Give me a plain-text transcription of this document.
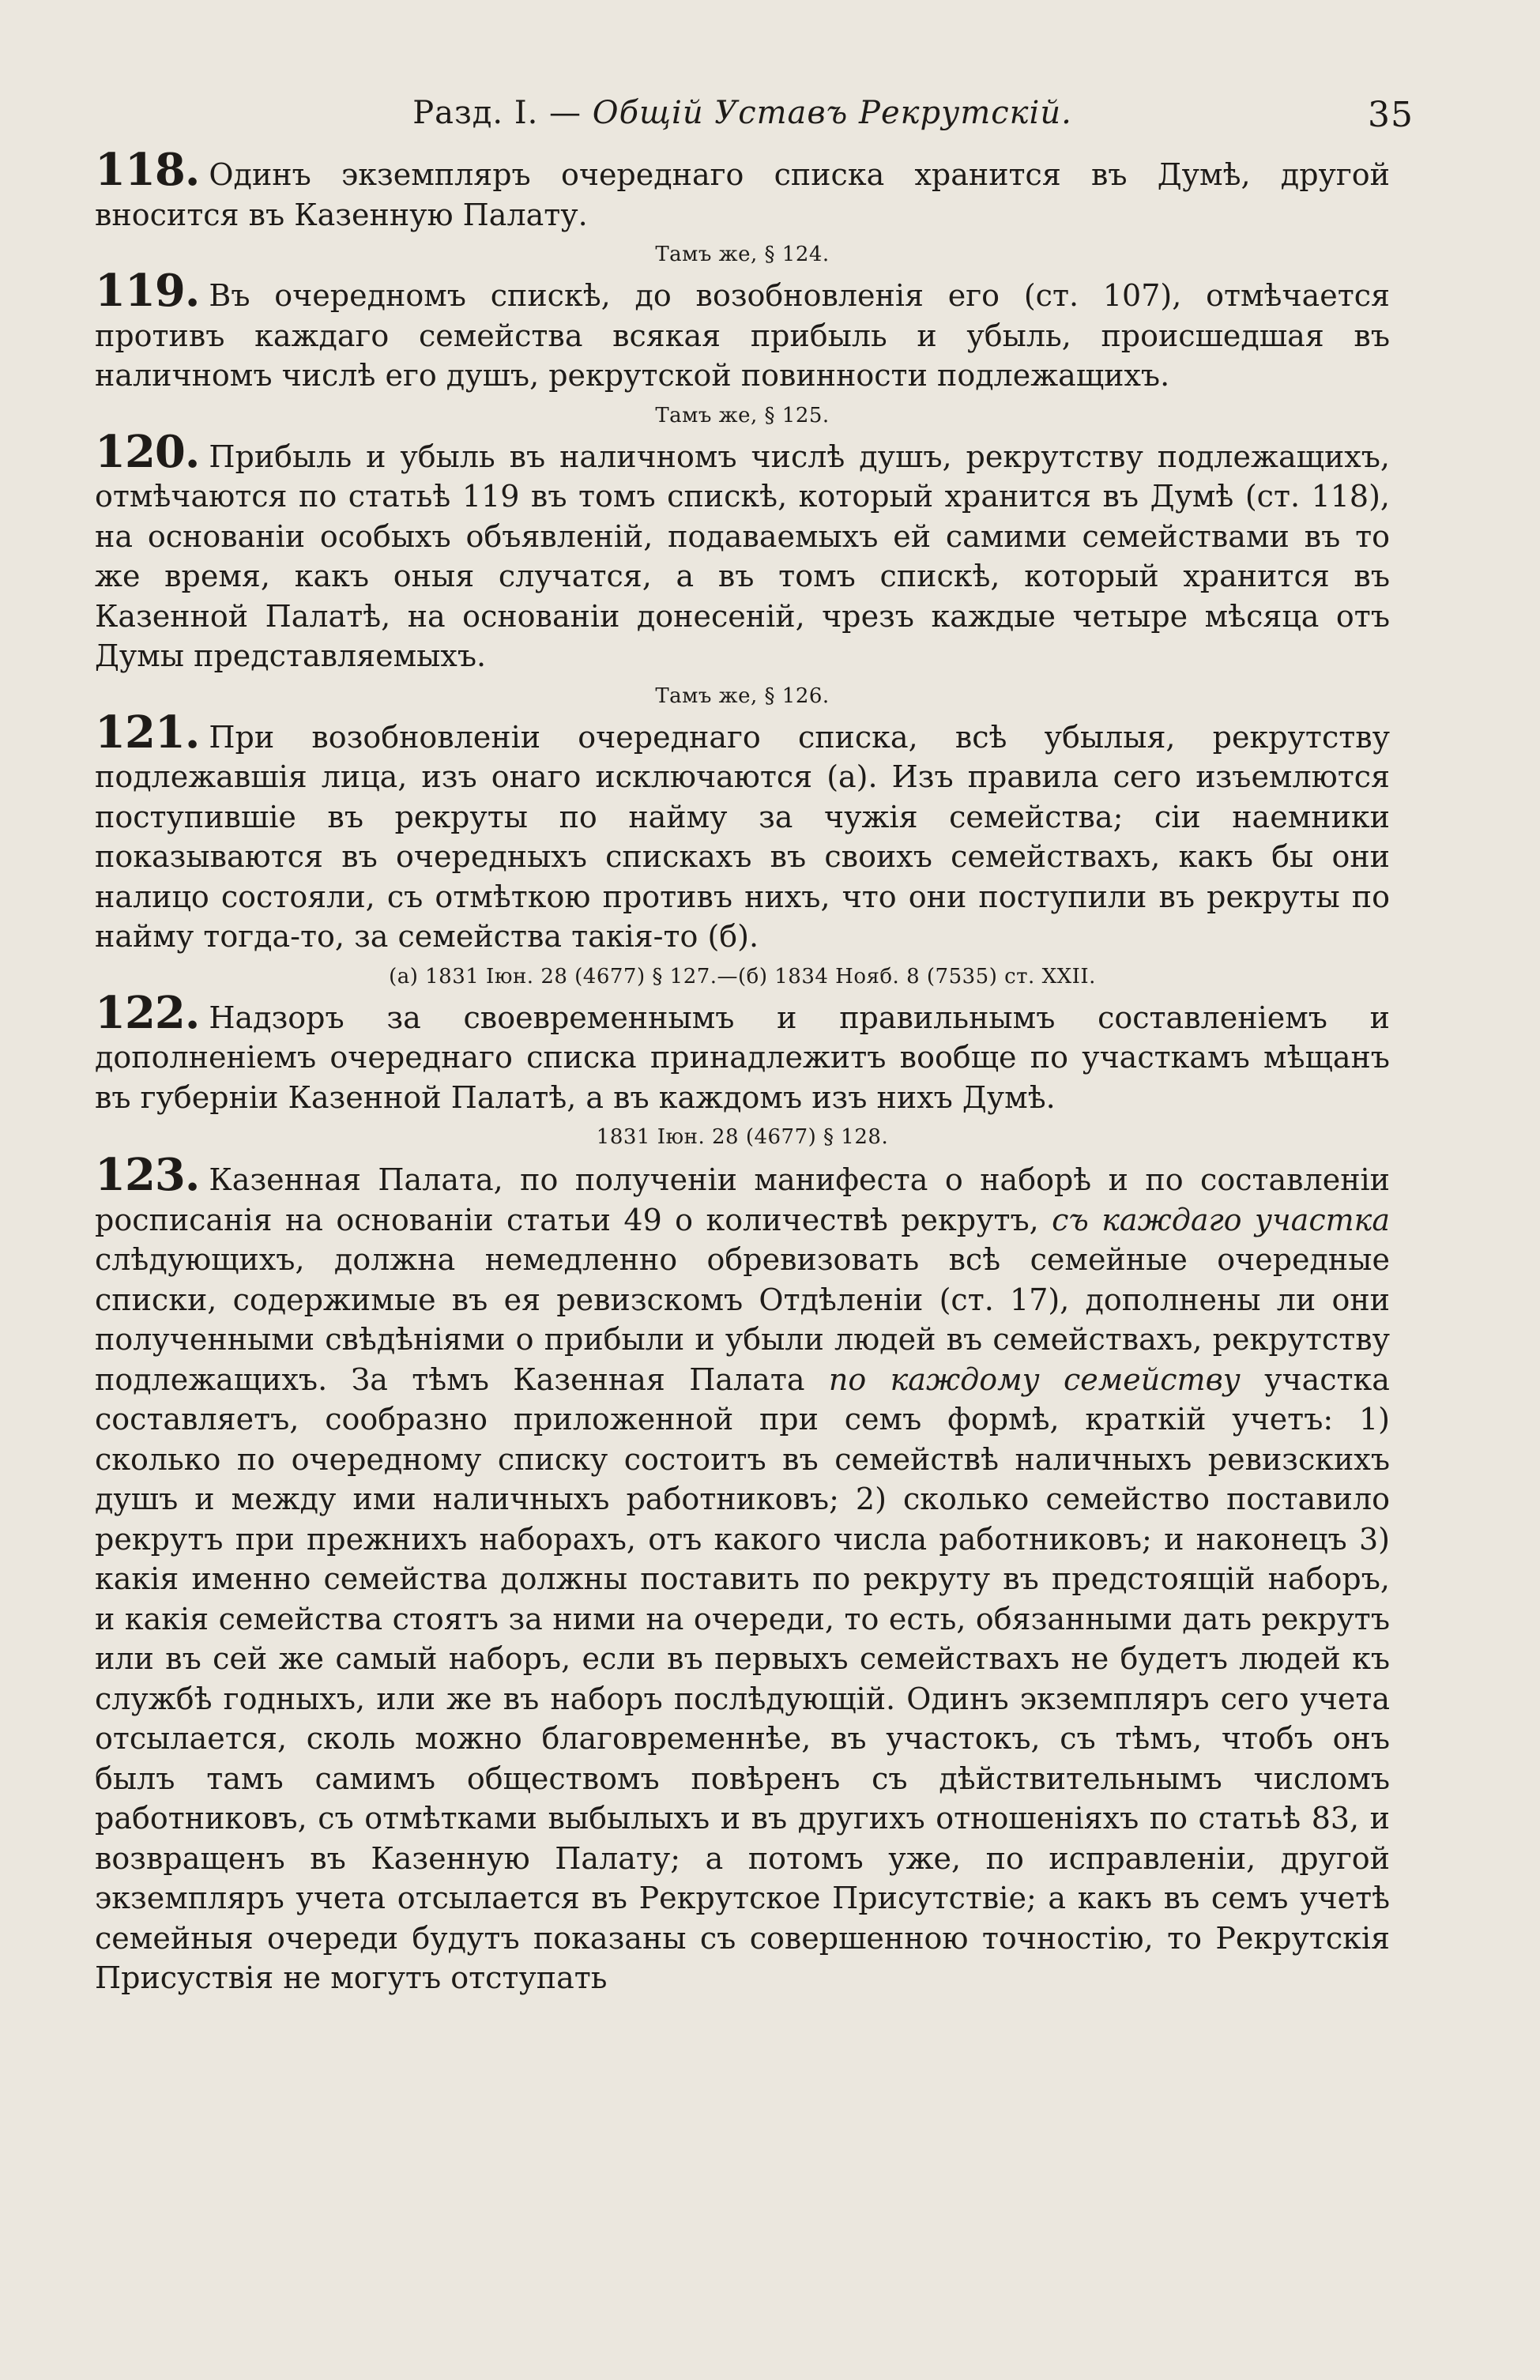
Разд. I. — Общій Уставъ Рекрутскій.	35

118. Одинъ экземпляръ очереднаго списка хранится въ Думѣ, другой вносится въ Казенную Палату.

Тамъ же, § 124.

119. Въ очередномъ спискѣ, до возобновленія его (ст. 107), отмѣчается противъ каждаго семейства всякая прибыль и убыль, происшедшая въ наличномъ числѣ его душъ, рекрутской повинности подлежащихъ.

Тамъ же, § 125.

120. Прибыль и убыль въ наличномъ числѣ душъ, рекрутству подлежащихъ, отмѣчаются по статьѣ 119 въ томъ спискѣ, который хранится въ Думѣ (ст. 118), на основаніи особыхъ объявленій, подаваемыхъ ей самими семействами въ то же время, какъ оныя случатся, а въ томъ спискѣ, который хранится въ Казенной Палатѣ, на основаніи донесеній, чрезъ каждые четыре мѣсяца отъ Думы представляемыхъ.

Тамъ же, § 126.

121. При возобновленіи очереднаго списка, всѣ убылыя, рекрутству подлежавшія лица, изъ онаго исключаются (а). Изъ правила сего изъемлются поступившіе въ рекруты по найму за чужія семейства; сіи наемники показываются въ очередныхъ спискахъ въ своихъ семействахъ, какъ бы они налицо состояли, съ отмѣткою противъ нихъ, что они поступили въ рекруты по найму тогда-то, за семейства такія-то (б).

(а) 1831 Іюн. 28 (4677) § 127.—(б) 1834 Нояб. 8 (7535) ст. XXII.

122. Надзоръ за своевременнымъ и правильнымъ составленіемъ и дополненіемъ очереднаго списка принадлежитъ вообще по участкамъ мѣщанъ въ губерніи Казенной Палатѣ, а въ каждомъ изъ нихъ Думѣ.

1831 Іюн. 28 (4677) § 128.

123. Казенная Палата, по полученіи манифеста о наборѣ и по составленіи росписанія на основаніи статьи 49 о количествѣ рекрутъ, съ каждаго участка слѣдующихъ, должна немедленно обревизовать всѣ семейные очередные списки, содержимые въ ея ревизскомъ Отдѣленіи (ст. 17), дополнены ли они полученными свѣдѣніями о прибыли и убыли людей въ семействахъ, рекрутству подлежащихъ. За тѣмъ Казенная Палата по каждому семейству участка составляетъ, сообразно приложенной при семъ формѣ, краткій учетъ: 1) сколько по очередному списку состоитъ въ семействѣ наличныхъ ревизскихъ душъ и между ими наличныхъ работниковъ; 2) сколько семейство поставило рекрутъ при прежнихъ наборахъ, отъ какого числа работниковъ; и наконецъ 3) какія именно семейства должны поставить по рекруту въ предстоящій наборъ, и какія семейства стоятъ за ними на очереди, то есть, обязанными дать рекрутъ или въ сей же самый наборъ, если въ первыхъ семействахъ не будетъ людей къ службѣ годныхъ, или же въ наборъ послѣдующій. Одинъ экземпляръ сего учета отсылается, сколь можно благовременнѣе, въ участокъ, съ тѣмъ, чтобъ онъ былъ тамъ самимъ обществомъ повѣренъ съ дѣйствительнымъ числомъ работниковъ, съ отмѣтками выбылыхъ и въ другихъ отношеніяхъ по статьѣ 83, и возвращенъ въ Казенную Палату; а потомъ уже, по исправленіи, другой экземпляръ учета отсылается въ Рекрутское Присутствіе; а какъ въ семъ учетѣ семейныя очереди будутъ показаны съ совершенною точностію, то Рекрутскія Присуствія не могутъ отступать
